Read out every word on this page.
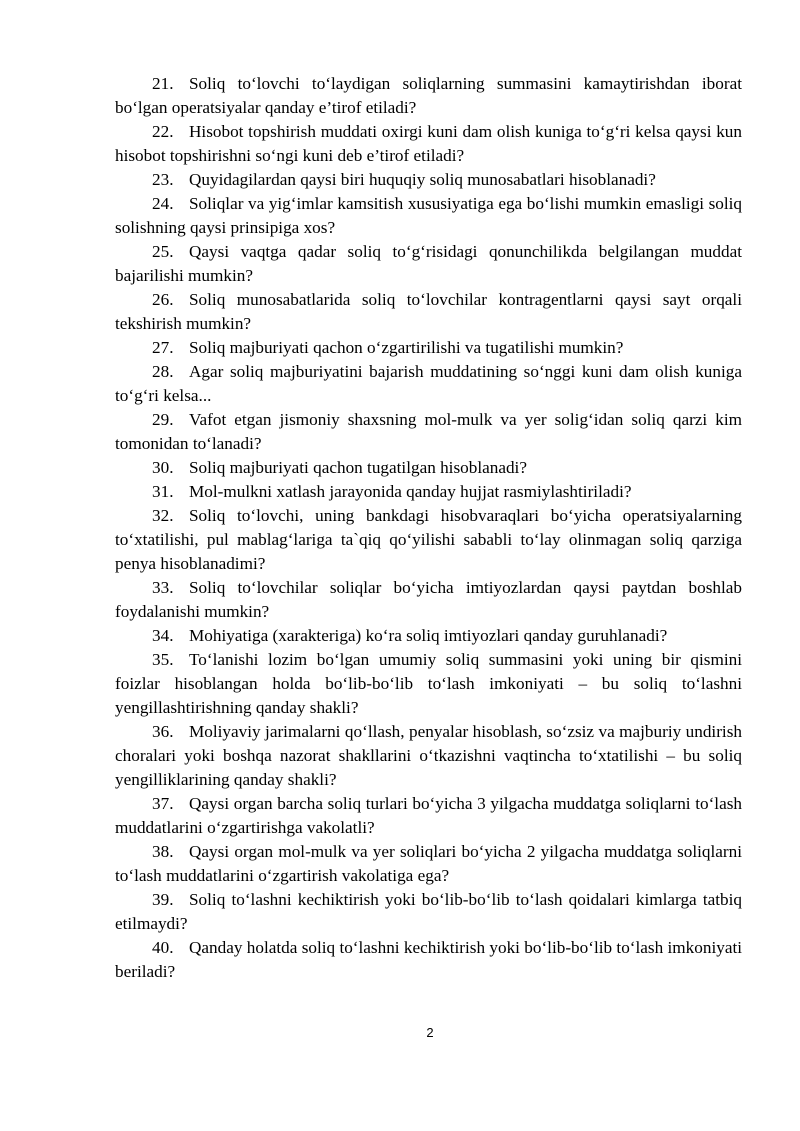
21. Soliq to‘lovchi to‘laydigan soliqlarning summasini kamaytirishdan iborat bo‘lgan operatsiyalar qanday e’tirof etiladi?

22. Hisobot topshirish muddati oxirgi kuni dam olish kuniga to‘g‘ri kelsa qaysi kun hisobot topshirishni so‘ngi kuni deb e’tirof etiladi?

23. Quyidagilardan qaysi biri huquqiy soliq munosabatlari hisoblanadi?

24. Soliqlar va yig‘imlar kamsitish xususiyatiga ega bo‘lishi mumkin emasligi soliq solishning qaysi prinsipiga xos?

25. Qaysi vaqtga qadar soliq to‘g‘risidagi qonunchilikda belgilangan muddat bajarilishi mumkin?

26. Soliq munosabatlarida soliq to‘lovchilar kontragentlarni qaysi sayt orqali tekshirish mumkin?

27. Soliq majburiyati qachon o‘zgartirilishi va tugatilishi mumkin?

28. Agar soliq majburiyatini bajarish muddatining so‘nggi kuni dam olish kuniga to‘g‘ri kelsa...

29. Vafot etgan jismoniy shaxsning mol-mulk va yer solig‘idan soliq qarzi kim tomonidan to‘lanadi?

30. Soliq majburiyati qachon tugatilgan hisoblanadi?

31. Mol-mulkni xatlash jarayonida qanday hujjat rasmiylashtiriladi?

32. Soliq to‘lovchi, uning bankdagi hisobvaraqlari bo‘yicha operatsiyalarning to‘xtatilishi, pul mablag‘lariga ta`qiq qo‘yilishi sababli to‘lay olinmagan soliq qarziga penya hisoblanadimi?

33. Soliq to‘lovchilar soliqlar bo‘yicha imtiyozlardan qaysi paytdan boshlab foydalanishi mumkin?

34. Mohiyatiga (xarakteriga) ko‘ra soliq imtiyozlari qanday guruhlanadi?

35. To‘lanishi lozim bo‘lgan umumiy soliq summasini yoki uning bir qismini foizlar hisoblangan holda bo‘lib-bo‘lib to‘lash imkoniyati – bu soliq to‘lashni yengillashtirishning qanday shakli?

36. Moliyaviy jarimalarni qo‘llash, penyalar hisoblash, so‘zsiz va majburiy undirish choralari yoki boshqa nazorat shakllarini o‘tkazishni vaqtincha to‘xtatilishi – bu soliq yengilliklarining qanday shakli?

37. Qaysi organ barcha soliq turlari bo‘yicha 3 yilgacha muddatga soliqlarni to‘lash muddatlarini o‘zgartirishga vakolatli?

38. Qaysi organ mol-mulk va yer soliqlari bo‘yicha 2 yilgacha muddatga soliqlarni to‘lash muddatlarini o‘zgartirish vakolatiga ega?

39. Soliq to‘lashni kechiktirish yoki bo‘lib-bo‘lib to‘lash qoidalari kimlarga tatbiq etilmaydi?

40. Qanday holatda soliq to‘lashni kechiktirish yoki bo‘lib-bo‘lib to‘lash imkoniyati beriladi?

2
